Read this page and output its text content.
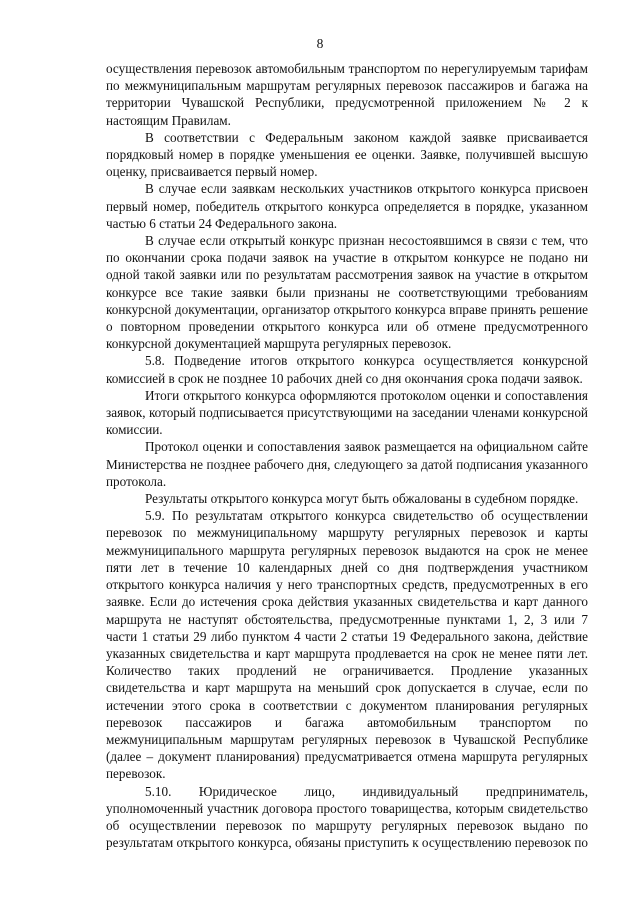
8

осуществления перевозок автомобильным транспортом по нерегулируемым тарифам по межмуниципальным маршрутам регулярных перевозок пассажиров и багажа на территории Чувашской Республики, предусмотренной приложением № 2 к настоящим Правилам.

В соответствии с Федеральным законом каждой заявке присваивается порядковый номер в порядке уменьшения ее оценки. Заявке, получившей высшую оценку, присваивается первый номер.

В случае если заявкам нескольких участников открытого конкурса присвоен первый номер, победитель открытого конкурса определяется в порядке, указанном частью 6 статьи 24 Федерального закона.

В случае если открытый конкурс признан несостоявшимся в связи с тем, что по окончании срока подачи заявок на участие в открытом конкурсе не подано ни одной такой заявки или по результатам рассмотрения заявок на участие в открытом конкурсе все такие заявки были признаны не соответствующими требованиям конкурсной документации, организатор открытого конкурса вправе принять решение о повторном проведении открытого конкурса или об отмене предусмотренного конкурсной документацией маршрута регулярных перевозок.

5.8. Подведение итогов открытого конкурса осуществляется конкурсной комиссией в срок не позднее 10 рабочих дней со дня окончания срока подачи заявок.

Итоги открытого конкурса оформляются протоколом оценки и сопоставления заявок, который подписывается присутствующими на заседании членами конкурсной комиссии.

Протокол оценки и сопоставления заявок размещается на официальном сайте Министерства не позднее рабочего дня, следующего за датой подписания указанного протокола.

Результаты открытого конкурса могут быть обжалованы в судебном порядке.

5.9. По результатам открытого конкурса свидетельство об осуществлении перевозок по межмуниципальному маршруту регулярных перевозок и карты межмуниципального маршрута регулярных перевозок выдаются на срок не менее пяти лет в течение 10 календарных дней со дня подтверждения участником открытого конкурса наличия у него транспортных средств, предусмотренных в его заявке. Если до истечения срока действия указанных свидетельства и карт данного маршрута не наступят обстоятельства, предусмотренные пунктами 1, 2, 3 или 7 части 1 статьи 29 либо пунктом 4 части 2 статьи 19 Федерального закона, действие указанных свидетельства и карт маршрута продлевается на срок не менее пяти лет. Количество таких продлений не ограничивается. Продление указанных свидетельства и карт маршрута на меньший срок допускается в случае, если по истечении этого срока в соответствии с документом планирования регулярных перевозок пассажиров и багажа автомобильным транспортом по межмуниципальным маршрутам регулярных перевозок в Чувашской Республике (далее – документ планирования) предусматривается отмена маршрута регулярных перевозок.

5.10. Юридическое лицо, индивидуальный предприниматель, уполномоченный участник договора простого товарищества, которым свидетельство об осуществлении перевозок по маршруту регулярных перевозок выдано по результатам открытого конкурса, обязаны приступить к осуществлению перевозок по
